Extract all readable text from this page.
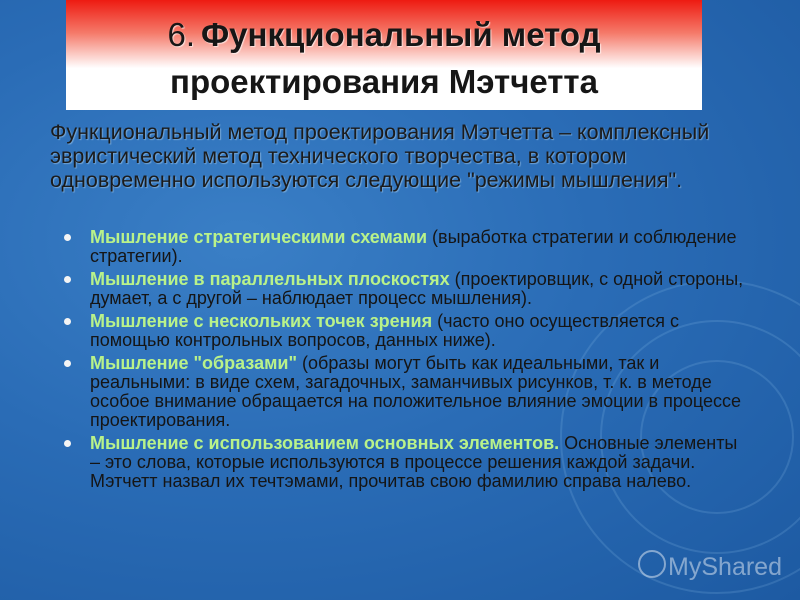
6. Функциональный метод
проектирования Мэтчетта
Функциональный метод проектирования Мэтчетта – комплексный эвристический метод технического творчества, в котором одновременно используются следующие "режимы мышления".
Мышление стратегическими схемами (выработка стратегии и соблюдение стратегии).
Мышление в параллельных плоскостях (проектировщик, с одной стороны, думает, а с другой – наблюдает процесс мышления).
Мышление с нескольких точек зрения (часто оно осуществляется с помощью контрольных вопросов, данных ниже).
Мышление "образами" (образы могут быть как идеальными, так и реальными: в виде схем, загадочных, заманчивых рисунков, т. к. в методе особое внимание обращается на положительное влияние эмоции в процессе проектирования.
Мышление с использованием основных элементов. Основные элементы – это слова, которые используются в процессе решения каждой задачи. Мэтчетт назвал их течтэмами, прочитав свою фамилию справа налево.
MyShared
